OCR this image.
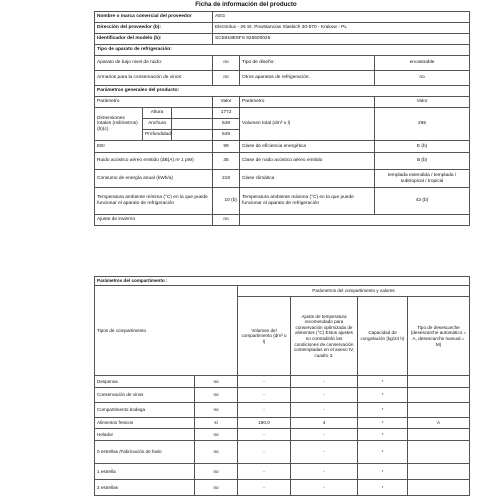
Ficha de información del producto
Nombre o marca comercial del proveedor			AEG		
Dirección del proveedor (b):			Electrolux - 26 St. Powstancow Slaskich 30-570 - Krakow - PL		
Identificador del modelo (b):			SCE818E5FS 925500025		
Tipo de aparato de refrigeración:					
Aparato de bajo nivel de ruido:			no	Tipo de diseño:	encastrable
Armarios para la conservación de vinos:			no	Otros aparatos de refrigeración:	no
Parámetros generales del producto:					
Parámetro			Valor	Parámetro	Valor
Dimensiones totales (milímetros) (b)(c)	Altura		1772	Volumen total (dm³ o l)	265
	Anchura		548		
	Profundidad		549		
EEI			99	Clase de eficiencia energética	E (b)
Ruido acústico aéreo emitido (dB(A) re 1 pW)			35	Clase de ruido acústico aéreo emitido	B (b)
Consumo de energía anual (kWh/a)			218	Clase climática	templada extendida / templada / subtropical / tropical
Temperatura ambiente mínima (°C) en la que puede funcionar el aparato de refrigeración			10 (b)	Temperatura ambiente máxima (°C) en la que puede funcionar el aparato de refrigeración	43 (b)
Ajuste de invierno			no		
Parámetros del compartimento :					
Tipos de compartimento		Parámetros del compartimento y valores			
		Volumen del compartimento (dm³ o l)	Ajuste de temperatura recomendado para conservación optimizada de alimentos (°C) Estos ajustes no contradirán las condiciones de conservación contempladas en el anexo IV, cuadro 3.	Capacidad de congelación (kg/24 h)	Tipo de desescarche (desescarche automático = A, desescarche manual = M)
Despensa	no	-	-	*	
Conservación de vinos	no	-	-	*	
Compartimento bodega	no	-	-	*	
Alimentos frescos	sí	190,0	4	*	A
Helador	no	-	-	*	
0 estrellas /Fabricación de hielo	no	-	-	*	
1 estrella	no	-	-	*	
2 estrellas	no	-	-	*	
